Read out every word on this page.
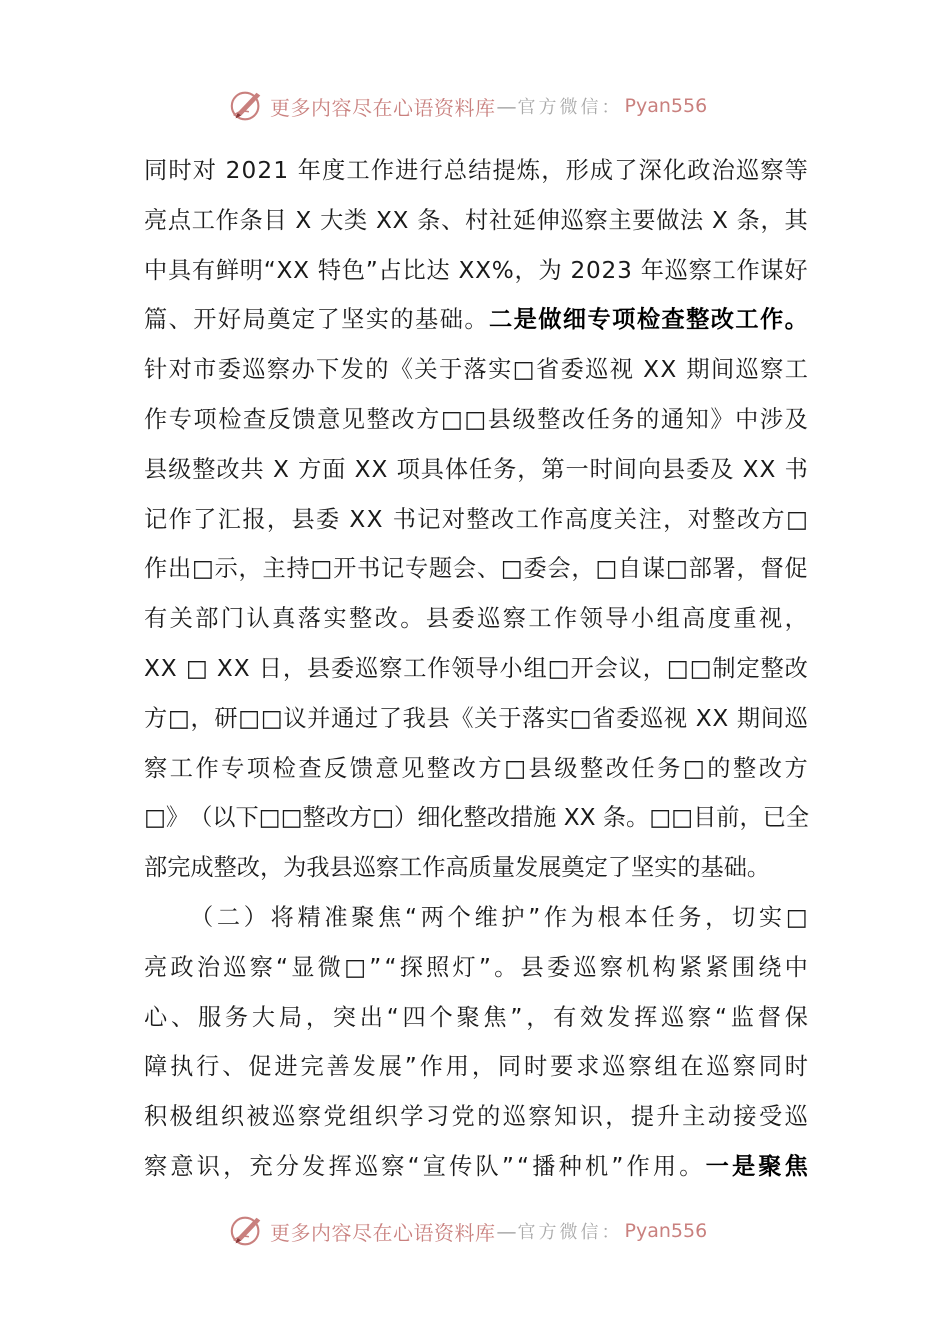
更多内容尽在心语资料库 — 官方微信： Pyan556
同 时 对
2 0 2 1
年 度 工 作 进 行 总 结 提 炼 ， 形 成 了 深 化 政 治 巡 察 等
亮 点 工 作 条 目
X
大 类
X X
条 、 村 社 延 伸 巡 察 主 要 做 法
X
条 ， 其
中 具 有 鲜 明 “ X X
特 色 ” 占 比 达
X X % ， 为
2 0 2 3
年 巡 察 工 作 谋 好
篇 、 开 好 局 奠 定 了 坚 实 的 基 础 。 二 是 做 细 专 项 检 查 整 改 工 作 。
针 对 市 委 巡 察 办 下 发 的 《 关 于 落 实 □ 省 委 巡 视
X X
期 间 巡 察 工
作 专 项 检 查 反 馈 意 见 整 改 方 □ □ 县 级 整 改 任 务 的 通 知 》 中 涉 及
县 级 整 改 共
X
方 面
X X
项 具 体 任 务 ， 第 一 时 间 向 县 委 及
X X
书
记 作 了 汇 报 ， 县 委
X X
书 记 对 整 改 工 作 高 度 关 注 ， 对 整 改 方 □
作 出 □ 示 ， 主 持 □ 开 书 记 专 题 会 、 □ 委 会 ， □ 自 谋 □ 部 署 ， 督 促
有 关 部 门 认 真 落 实 整 改 。 县 委 巡 察 工 作 领 导 小 组 高 度 重 视 ，
X X
□
X X
日 ， 县 委 巡 察 工 作 领 导 小 组 □ 开 会 议 ， □ □ 制 定 整 改
方 □ ， 研 □ □ 议 并 通 过 了 我 县 《 关 于 落 实 □ 省 委 巡 视
X X
期 间 巡
察 工 作 专 项 检 查 反 馈 意 见 整 改 方 □ 县 级 整 改 任 务 □ 的 整 改 方
□ 》 （ 以 下 □ □ 整 改 方 □ ） 细 化 整 改 措 施
X X
条 。 □ □ 目 前 ， 已 全
部 完 成 整 改 ， 为 我 县 巡 察 工 作 高 质 量 发 展 奠 定 了 坚 实 的 基 础 。
（ 二 ） 将 精 准 聚 焦 “ 两 个 维 护 ” 作 为 根 本 任 务 ， 切 实 □
亮 政 治 巡 察 “ 显 微 □ ” “ 探 照 灯 ” 。 县 委 巡 察 机 构 紧 紧 围 绕 中
心 、 服 务 大 局 ， 突 出 “ 四 个 聚 焦 ” ， 有 效 发 挥 巡 察 “ 监 督 保
障 执 行 、 促 进 完 善 发 展 ” 作 用 ， 同 时 要 求 巡 察 组 在 巡 察 同 时
积 极 组 织 被 巡 察 党 组 织 学 习 党 的 巡 察 知 识 ， 提 升 主 动 接 受 巡
察 意 识 ， 充 分 发 挥 巡 察 “ 宣 传 队 ” “ 播 种 机 ” 作 用 。 一 是 聚 焦
更多内容尽在心语资料库 — 官方微信： Pyan556
